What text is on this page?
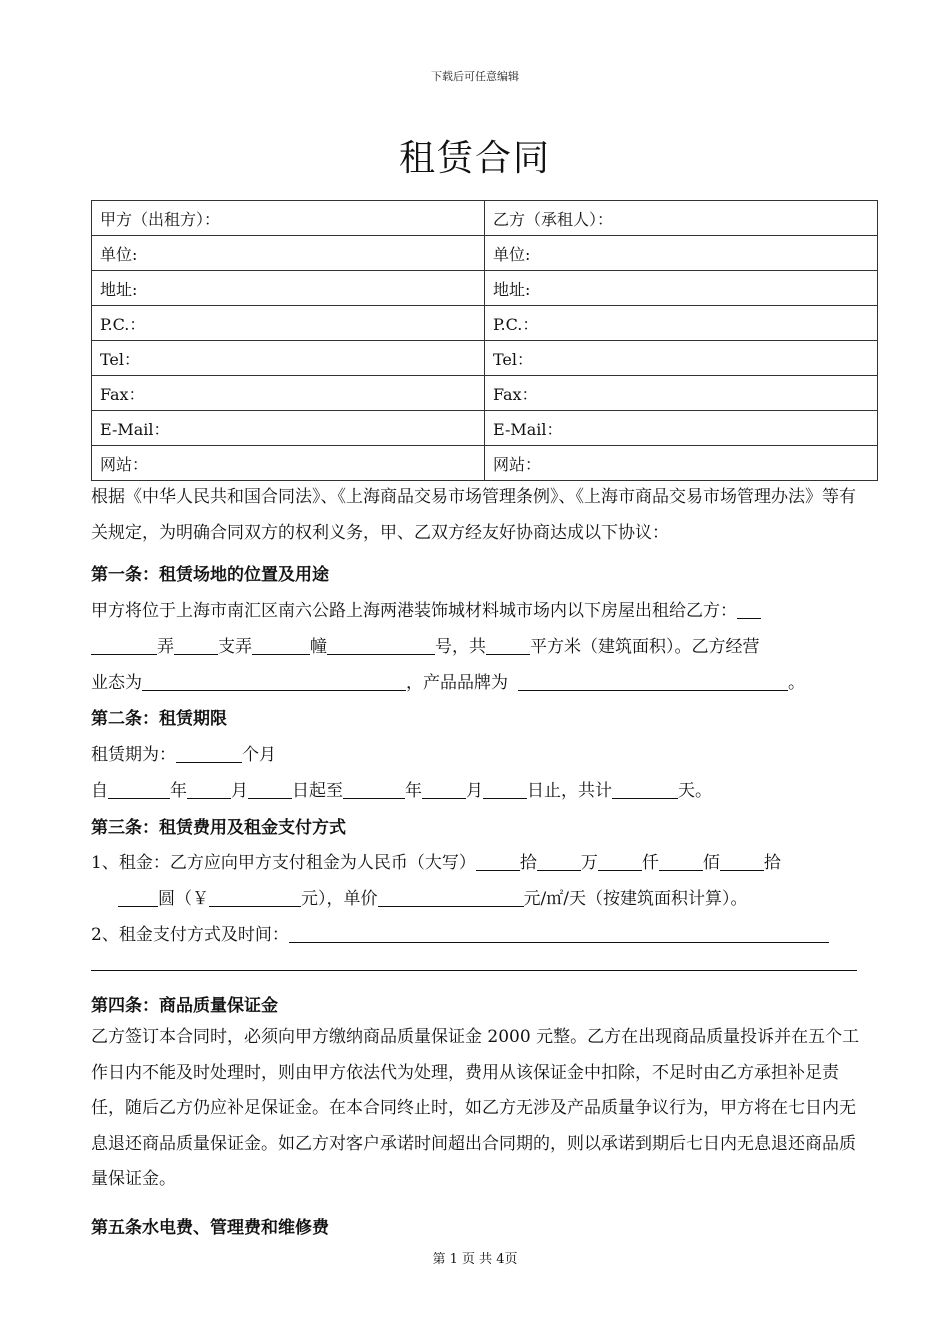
下载后可任意编辑
租赁合同
甲方（出租方）：	乙方（承租人）：
单位:	单位:
地址:	地址:
P.C.：	P.C.：
Tel：	Tel：
Fax：	Fax：
E-Mail：	E-Mail：
网站：	网站：
根据《中华人民共和国合同法》、《上海商品交易市场管理条例》、《上海市商品交易市场管理办法》等有关规定，为明确合同双方的权利义务，甲、乙双方经友好协商达成以下协议：
第一条：租赁场地的位置及用途
甲方将位于上海市南汇区南六公路上海两港装饰城材料城市场内以下房屋出租给乙方：
弄	支弄	幢	号，共	平方米（建筑面积）。乙方经营
业态为	，产品品牌为	。
第二条：租赁期限
租赁期为：	个月
自	年	月	日起至	年	月	日止，共计	天。
第三条：租赁费用及租金支付方式
1、租金：乙方应向甲方支付租金为人民币（大写）	拾	万	仟	佰	拾
圆（￥	元），单价	元/㎡/天（按建筑面积计算）。
2、租金支付方式及时间：
第四条：商品质量保证金
乙方签订本合同时，必须向甲方缴纳商品质量保证金 2000 元整。乙方在出现商品质量投诉并在五个工作日内不能及时处理时，则由甲方依法代为处理，费用从该保证金中扣除，不足时由乙方承担补足责任，随后乙方仍应补足保证金。在本合同终止时，如乙方无涉及产品质量争议行为，甲方将在七日内无息退还商品质量保证金。如乙方对客户承诺时间超出合同期的，则以承诺到期后七日内无息退还商品质量保证金。
第五条水电费、管理费和维修费
第 1 页 共 4页
